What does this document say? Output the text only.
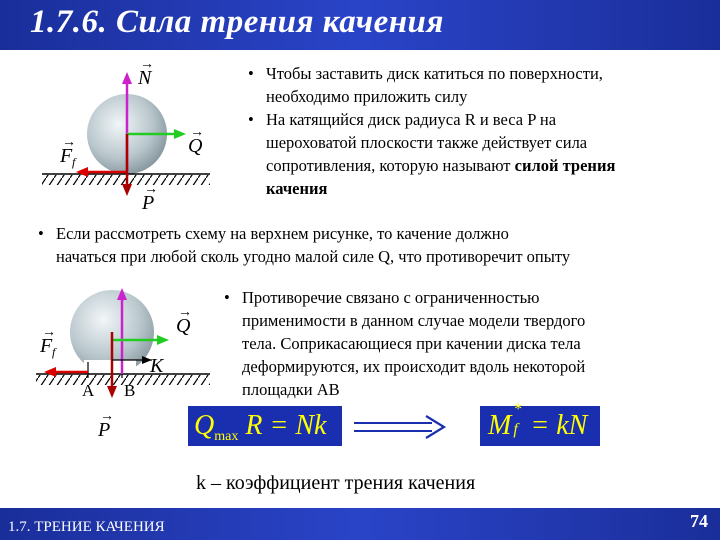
1.7.6. Сила трения качения
N
→
Q
→
F f
→
P
→
• Чтобы заставить диск катиться по поверхности,
необходимо приложить силу
• На катящийся диск радиуса R и веса P на
шероховатой плоскости также действует сила
сопротивления, которую называют силой трения
качения
• Если рассмотреть схему на верхнем рисунке, то качение должно
начаться при любой сколь угодно малой силе Q, что противоречит опыту
Q
→
F f
→
K
A B
P
→
• Противоречие связано с ограниченностью
применимости в данном случае модели твердого
тела. Соприкасающиеся при качении диска тела
деформируются, их происходит вдоль некоторой
площадки AB
$Q_{max}$ R = Nk	M
*
f = kN
k – коэффициент трения качения
1.7. ТРЕНИЕ КАЧЕНИЯ	74
